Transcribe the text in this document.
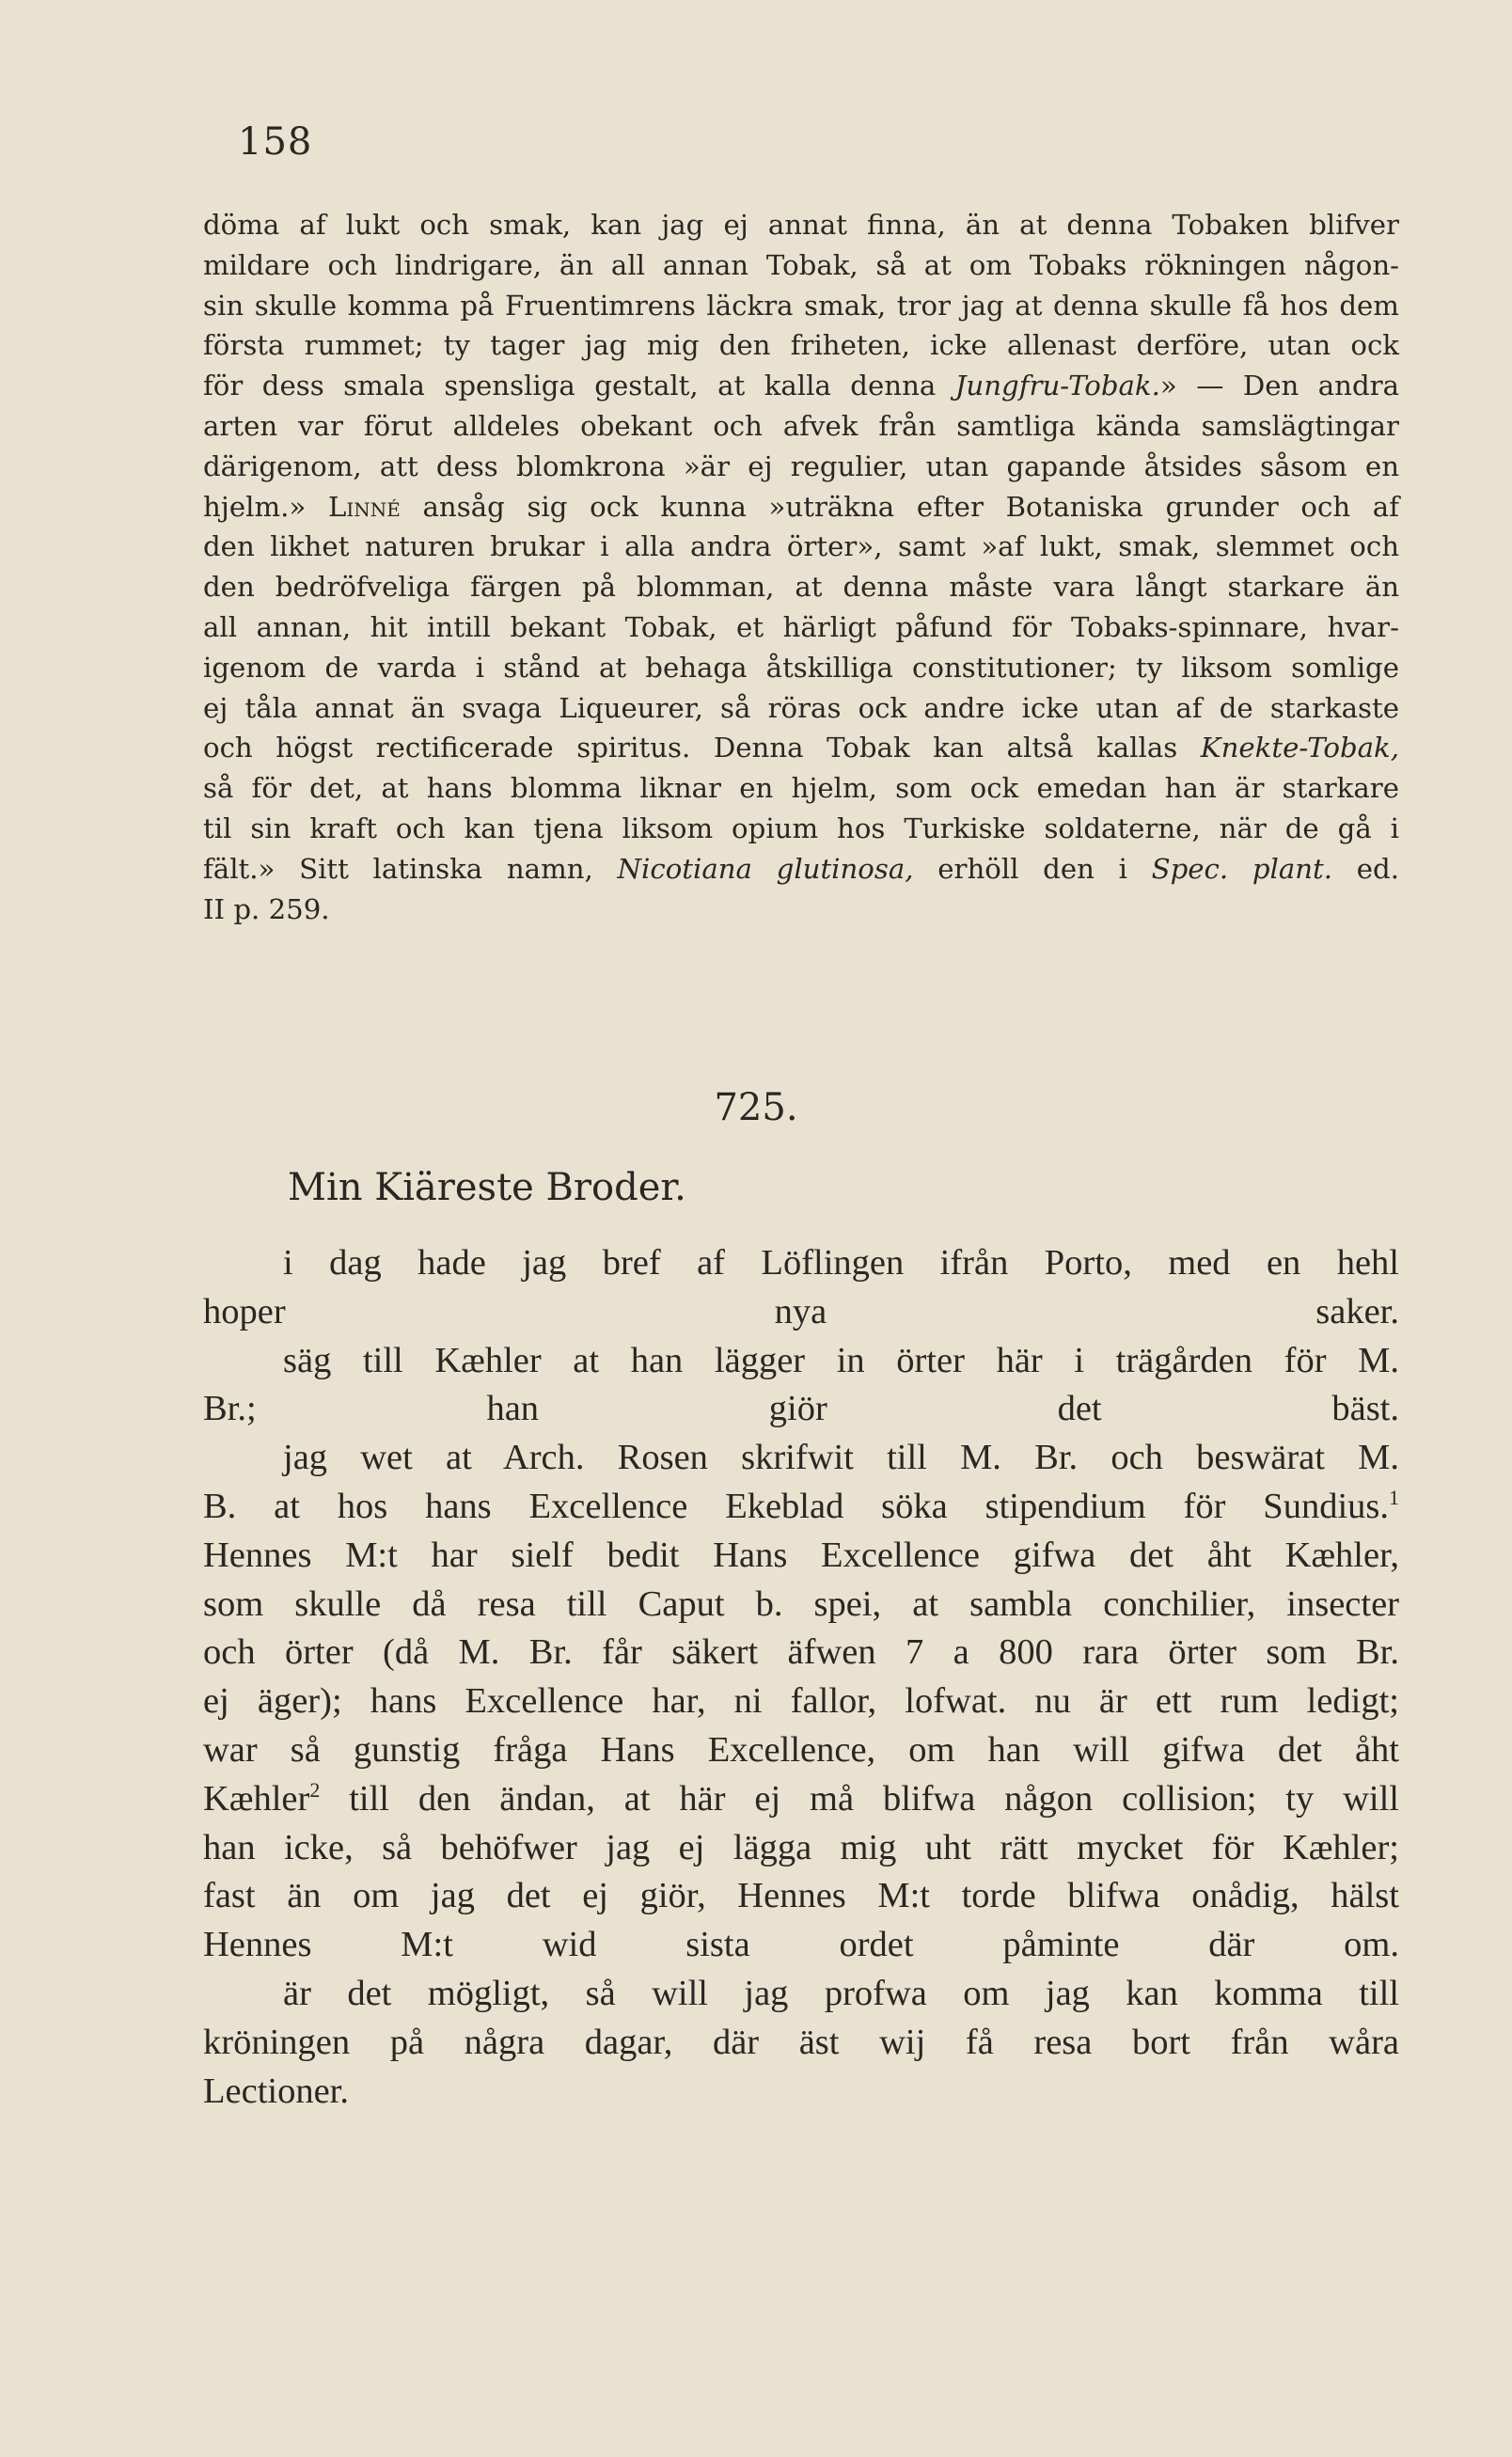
158
döma af lukt och smak, kan jag ej annat finna, än at denna Tobaken blifver
mildare och lindrigare, än all annan Tobak, så at om Tobaks rökningen någon-
sin skulle komma på Fruentimrens läckra smak, tror jag at denna skulle få hos dem
första rummet; ty tager jag mig den friheten, icke allenast derföre, utan ock
för dess smala spensliga gestalt, at kalla denna Jungfru-Tobak.» — Den andra
arten var förut alldeles obekant och afvek från samtliga kända samslägtingar
därigenom, att dess blomkrona »är ej regulier, utan gapande åtsides såsom en
hjelm.» Linné ansåg sig ock kunna »uträkna efter Botaniska grunder och af
den likhet naturen brukar i alla andra örter», samt »af lukt, smak, slemmet och
den bedröfveliga färgen på blomman, at denna måste vara långt starkare än
all annan, hit intill bekant Tobak, et härligt påfund för Tobaks-spinnare, hvar-
igenom de varda i stånd at behaga åtskilliga constitutioner; ty liksom somlige
ej tåla annat än svaga Liqueurer, så röras ock andre icke utan af de starkaste
och högst rectificerade spiritus. Denna Tobak kan altså kallas Knekte-Tobak,
så för det, at hans blomma liknar en hjelm, som ock emedan han är starkare
til sin kraft och kan tjena liksom opium hos Turkiske soldaterne, när de gå i
fält.» Sitt latinska namn, Nicotiana glutinosa, erhöll den i Spec. plant. ed.
II p. 259.
725.
Min Kiäreste Broder.
i dag hade jag bref af Löflingen ifrån Porto, med en hehl
hoper nya saker.
säg till Kæhler at han lägger in örter här i trägården för M.
Br.; han giör det bäst.
jag wet at Arch. Rosen skrifwit till M. Br. och beswärat M.
B. at hos hans Excellence Ekeblad söka stipendium för Sundius.$^1$
Hennes M:t har sielf bedit Hans Excellence gifwa det åht Kæhler,
som skulle då resa till Caput b. spei, at sambla conchilier, insecter
och örter (då M. Br. får säkert äfwen 7 a 800 rara örter som Br.
ej äger); hans Excellence har, ni fallor, lofwat. nu är ett rum ledigt;
war så gunstig fråga Hans Excellence, om han will gifwa det åht
Kæhler$^2$ till den ändan, at här ej må blifwa någon collision; ty will
han icke, så behöfwer jag ej lägga mig uht rätt mycket för Kæhler;
fast än om jag det ej giör, Hennes M:t torde blifwa onådig, hälst
Hennes M:t wid sista ordet påminte där om.
är det mögligt, så will jag profwa om jag kan komma till
kröningen på några dagar, där äst wij få resa bort från wåra
Lectioner.
